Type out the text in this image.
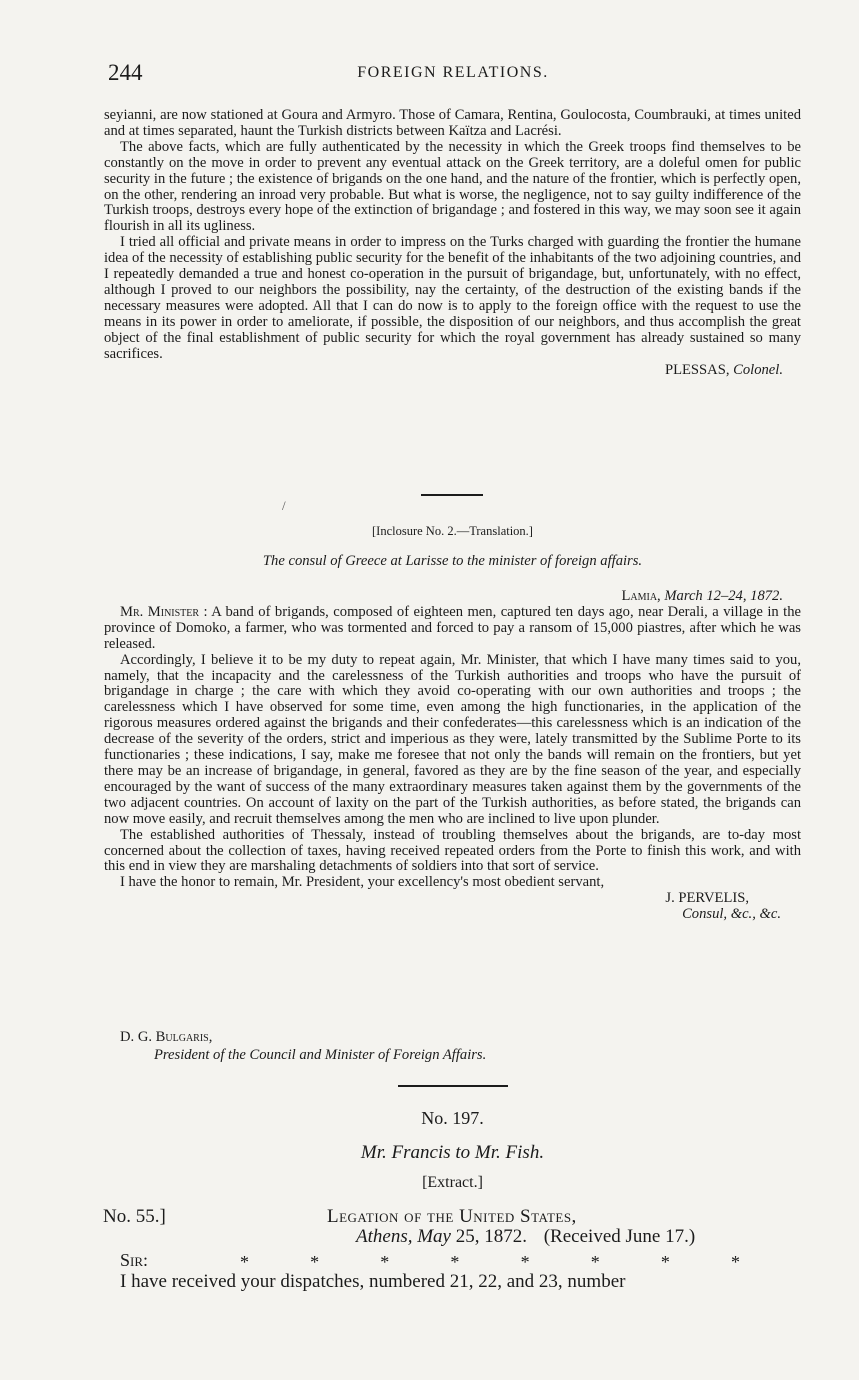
244	FOREIGN RELATIONS.

seyianni, are now stationed at Goura and Armyro. Those of Camara, Rentina, Goulocosta, Coumbrauki, at times united and at times separated, haunt the Turkish districts between Kaïtza and Lacrési.

The above facts, which are fully authenticated by the necessity in which the Greek troops find themselves to be constantly on the move in order to prevent any eventual attack on the Greek territory, are a doleful omen for public security in the future ; the existence of brigands on the one hand, and the nature of the frontier, which is perfectly open, on the other, rendering an inroad very probable. But what is worse, the negligence, not to say guilty indifference of the Turkish troops, destroys every hope of the extinction of brigandage ; and fostered in this way, we may soon see it again flourish in all its ugliness.

I tried all official and private means in order to impress on the Turks charged with guarding the frontier the humane idea of the necessity of establishing public security for the benefit of the inhabitants of the two adjoining countries, and I repeatedly demanded a true and honest co-operation in the pursuit of brigandage, but, unfortunately, with no effect, although I proved to our neighbors the possibility, nay the certainty, of the destruction of the existing bands if the necessary measures were adopted. All that I can do now is to apply to the foreign office with the request to use the means in its power in order to ameliorate, if possible, the disposition of our neighbors, and thus accomplish the great object of the final establishment of public security for which the royal government has already sustained so many sacrifices.

PLESSAS, Colonel.

/
[Inclosure No. 2.—Translation.]
The consul of Greece at Larisse to the minister of foreign affairs.

Lamia, March 12–24, 1872.

Mr. Minister : A band of brigands, composed of eighteen men, captured ten days ago, near Derali, a village in the province of Domoko, a farmer, who was tormented and forced to pay a ransom of 15,000 piastres, after which he was released.

Accordingly, I believe it to be my duty to repeat again, Mr. Minister, that which I have many times said to you, namely, that the incapacity and the carelessness of the Turkish authorities and troops who have the pursuit of brigandage in charge ; the care with which they avoid co-operating with our own authorities and troops ; the carelessness which I have observed for some time, even among the high functionaries, in the application of the rigorous measures ordered against the brigands and their confederates—this carelessness which is an indication of the decrease of the severity of the orders, strict and imperious as they were, lately transmitted by the Sublime Porte to its functionaries ; these indications, I say, make me foresee that not only the bands will remain on the frontiers, but yet there may be an increase of brigandage, in general, favored as they are by the fine season of the year, and especially encouraged by the want of success of the many extraordinary measures taken against them by the governments of the two adjacent countries. On account of laxity on the part of the Turkish authorities, as before stated, the brigands can now move easily, and recruit themselves among the men who are inclined to live upon plunder.

The established authorities of Thessaly, instead of troubling themselves about the brigands, are to-day most concerned about the collection of taxes, having received repeated orders from the Porte to finish this work, and with this end in view they are marshaling detachments of soldiers into that sort of service.

I have the honor to remain, Mr. President, your excellency's most obedient servant,

J. PERVELIS,

Consul, &c., &c.

D. G. Bulgaris,
President of the Council and Minister of Foreign Affairs.
No. 197.
Mr. Francis to Mr. Fish.
[Extract.]
No. 55.]	Legation of the United States,
Athens, May 25, 1872. (Received June 17.)
Sir:	*	*	*	*	*	*	*	*
I have received your dispatches, numbered 21, 22, and 23, number
